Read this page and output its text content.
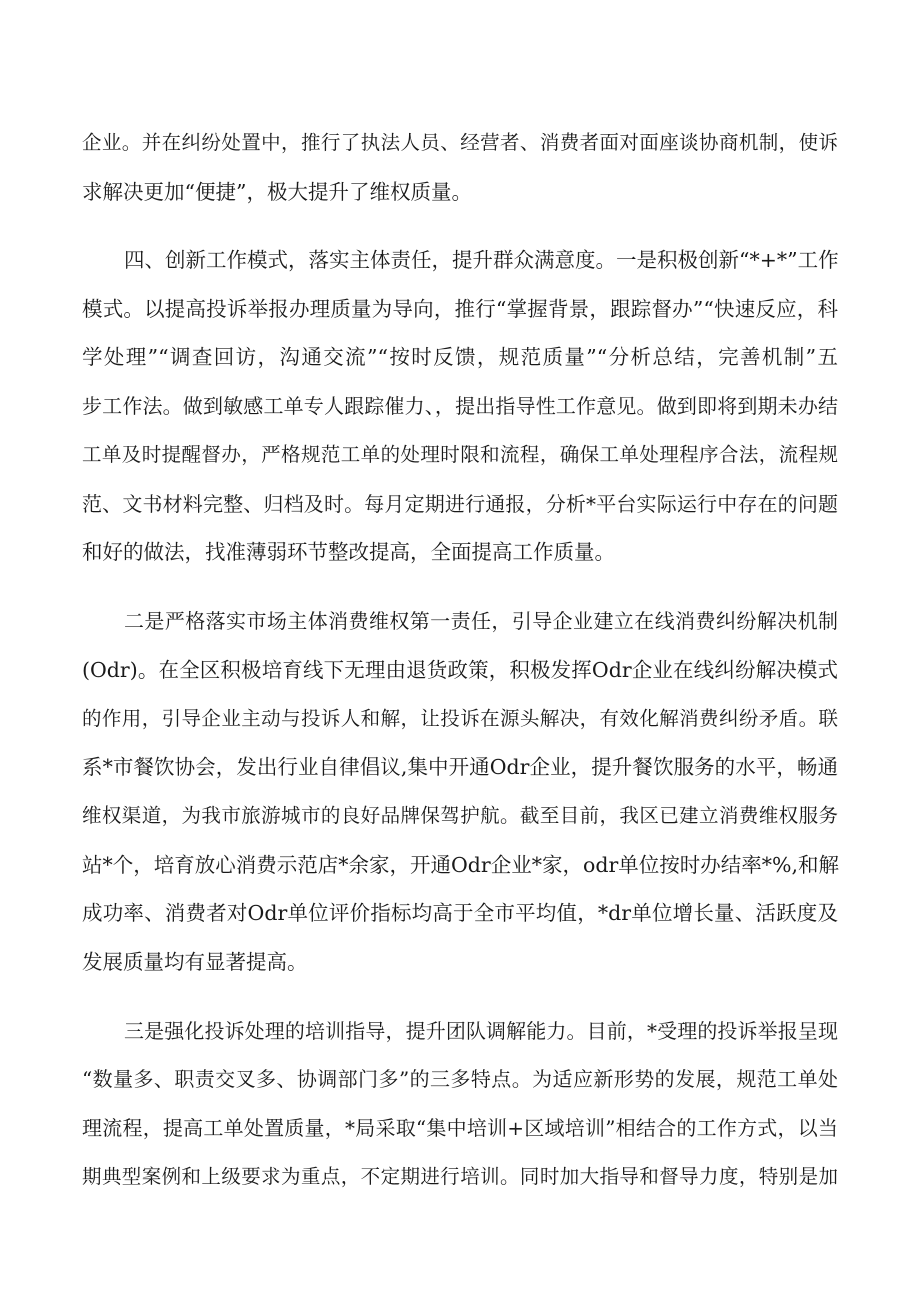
企业。并在纠纷处置中，推行了执法人员、经营者、消费者面对面座谈协商机制，使诉
求解决更加“便捷”，极大提升了维权质量。
四、创新工作模式，落实主体责任，提升群众满意度。一是积极创新“*+*”工作
模式。以提高投诉举报办理质量为导向，推行“掌握背景，跟踪督办”“快速反应，科
学处理”“调查回访，沟通交流”“按时反馈，规范质量”“分析总结，完善机制”五
步工作法。做到敏感工单专人跟踪催力、，提出指导性工作意见。做到即将到期未办结
工单及时提醒督办，严格规范工单的处理时限和流程，确保工单处理程序合法，流程规
范、文书材料完整、归档及时。每月定期进行通报，分析*平台实际运行中存在的问题
和好的做法，找准薄弱环节整改提高，全面提高工作质量。
二是严格落实市场主体消费维权第一责任，引导企业建立在线消费纠纷解决机制
(Odr)。在全区积极培育线下无理由退货政策，积极发挥Odr企业在线纠纷解决模式
的作用，引导企业主动与投诉人和解，让投诉在源头解决，有效化解消费纠纷矛盾。联
系*市餐饮协会，发出行业自律倡议,集中开通Odr企业，提升餐饮服务的水平，畅通
维权渠道，为我市旅游城市的良好品牌保驾护航。截至目前，我区已建立消费维权服务
站*个，培育放心消费示范店*余家，开通Odr企业*家，odr单位按时办结率*%,和解
成功率、消费者对Odr单位评价指标均高于全市平均值，*dr单位增长量、活跃度及
发展质量均有显著提高。
三是强化投诉处理的培训指导，提升团队调解能力。目前，*受理的投诉举报呈现
“数量多、职责交叉多、协调部门多”的三多特点。为适应新形势的发展，规范工单处
理流程，提高工单处置质量，*局采取“集中培训+区域培训”相结合的工作方式，以当
期典型案例和上级要求为重点，不定期进行培训。同时加大指导和督导力度，特别是加
